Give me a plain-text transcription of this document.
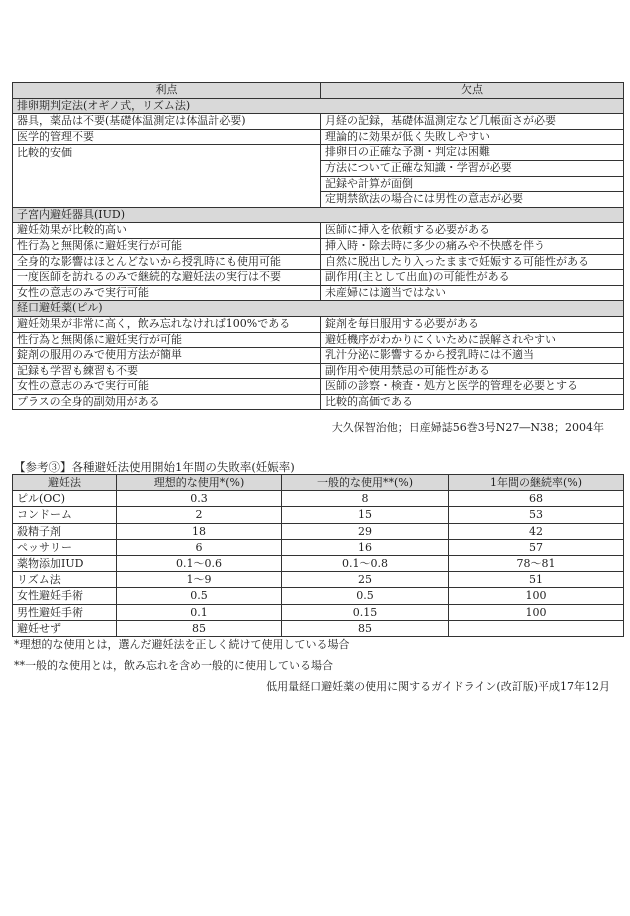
利点	欠点
排卵期判定法(オギノ式，リズム法)	
器具，薬品は不要(基礎体温測定は体温計必要)	月経の記録，基礎体温測定など几帳面さが必要
医学的管理不要	理論的に効果が低く失敗しやすい
比較的安価	排卵日の正確な予測・判定は困難
	方法について正確な知識・学習が必要
	記録や計算が面倒
	定期禁欲法の場合には男性の意志が必要
子宮内避妊器具(IUD)	
避妊効果が比較的高い	医師に挿入を依頼する必要がある
性行為と無関係に避妊実行が可能	挿入時・除去時に多少の痛みや不快感を伴う
全身的な影響はほとんどないから授乳時にも使用可能	自然に脱出したり入ったままで妊娠する可能性がある
一度医師を訪れるのみで継続的な避妊法の実行は不要	副作用(主として出血)の可能性がある
女性の意志のみで実行可能	未産婦には適当ではない
経口避妊薬(ピル)	
避妊効果が非常に高く，飲み忘れなければ100%である	錠剤を毎日服用する必要がある
性行為と無関係に避妊実行が可能	避妊機序がわかりにくいために誤解されやすい
錠剤の服用のみで使用方法が簡単	乳汁分泌に影響するから授乳時には不適当
記録も学習も練習も不要	副作用や使用禁忌の可能性がある
女性の意志のみで実行可能	医師の診察・検査・処方と医学的管理を必要とする
プラスの全身的副効用がある	比較的高価である
大久保智治他；日産婦誌56巻3号N27―N38；2004年
【参考③】各種避妊法使用開始1年間の失敗率(妊娠率)
避妊法	理想的な使用*(%)	一般的な使用**(%)	1年間の継続率(%)
ピル(OC)	0.3	8	68
コンドーム	2	15	53
殺精子剤	18	29	42
ペッサリー	6	16	57
薬物添加IUD	0.1〜0.6	0.1〜0.8	78〜81
リズム法	1〜9	25	51
女性避妊手術	0.5	0.5	100
男性避妊手術	0.1	0.15	100
避妊せず	85	85	
*理想的な使用とは，選んだ避妊法を正しく続けて使用している場合
**一般的な使用とは，飲み忘れを含め一般的に使用している場合
低用量経口避妊薬の使用に関するガイドライン(改訂版)平成17年12月
